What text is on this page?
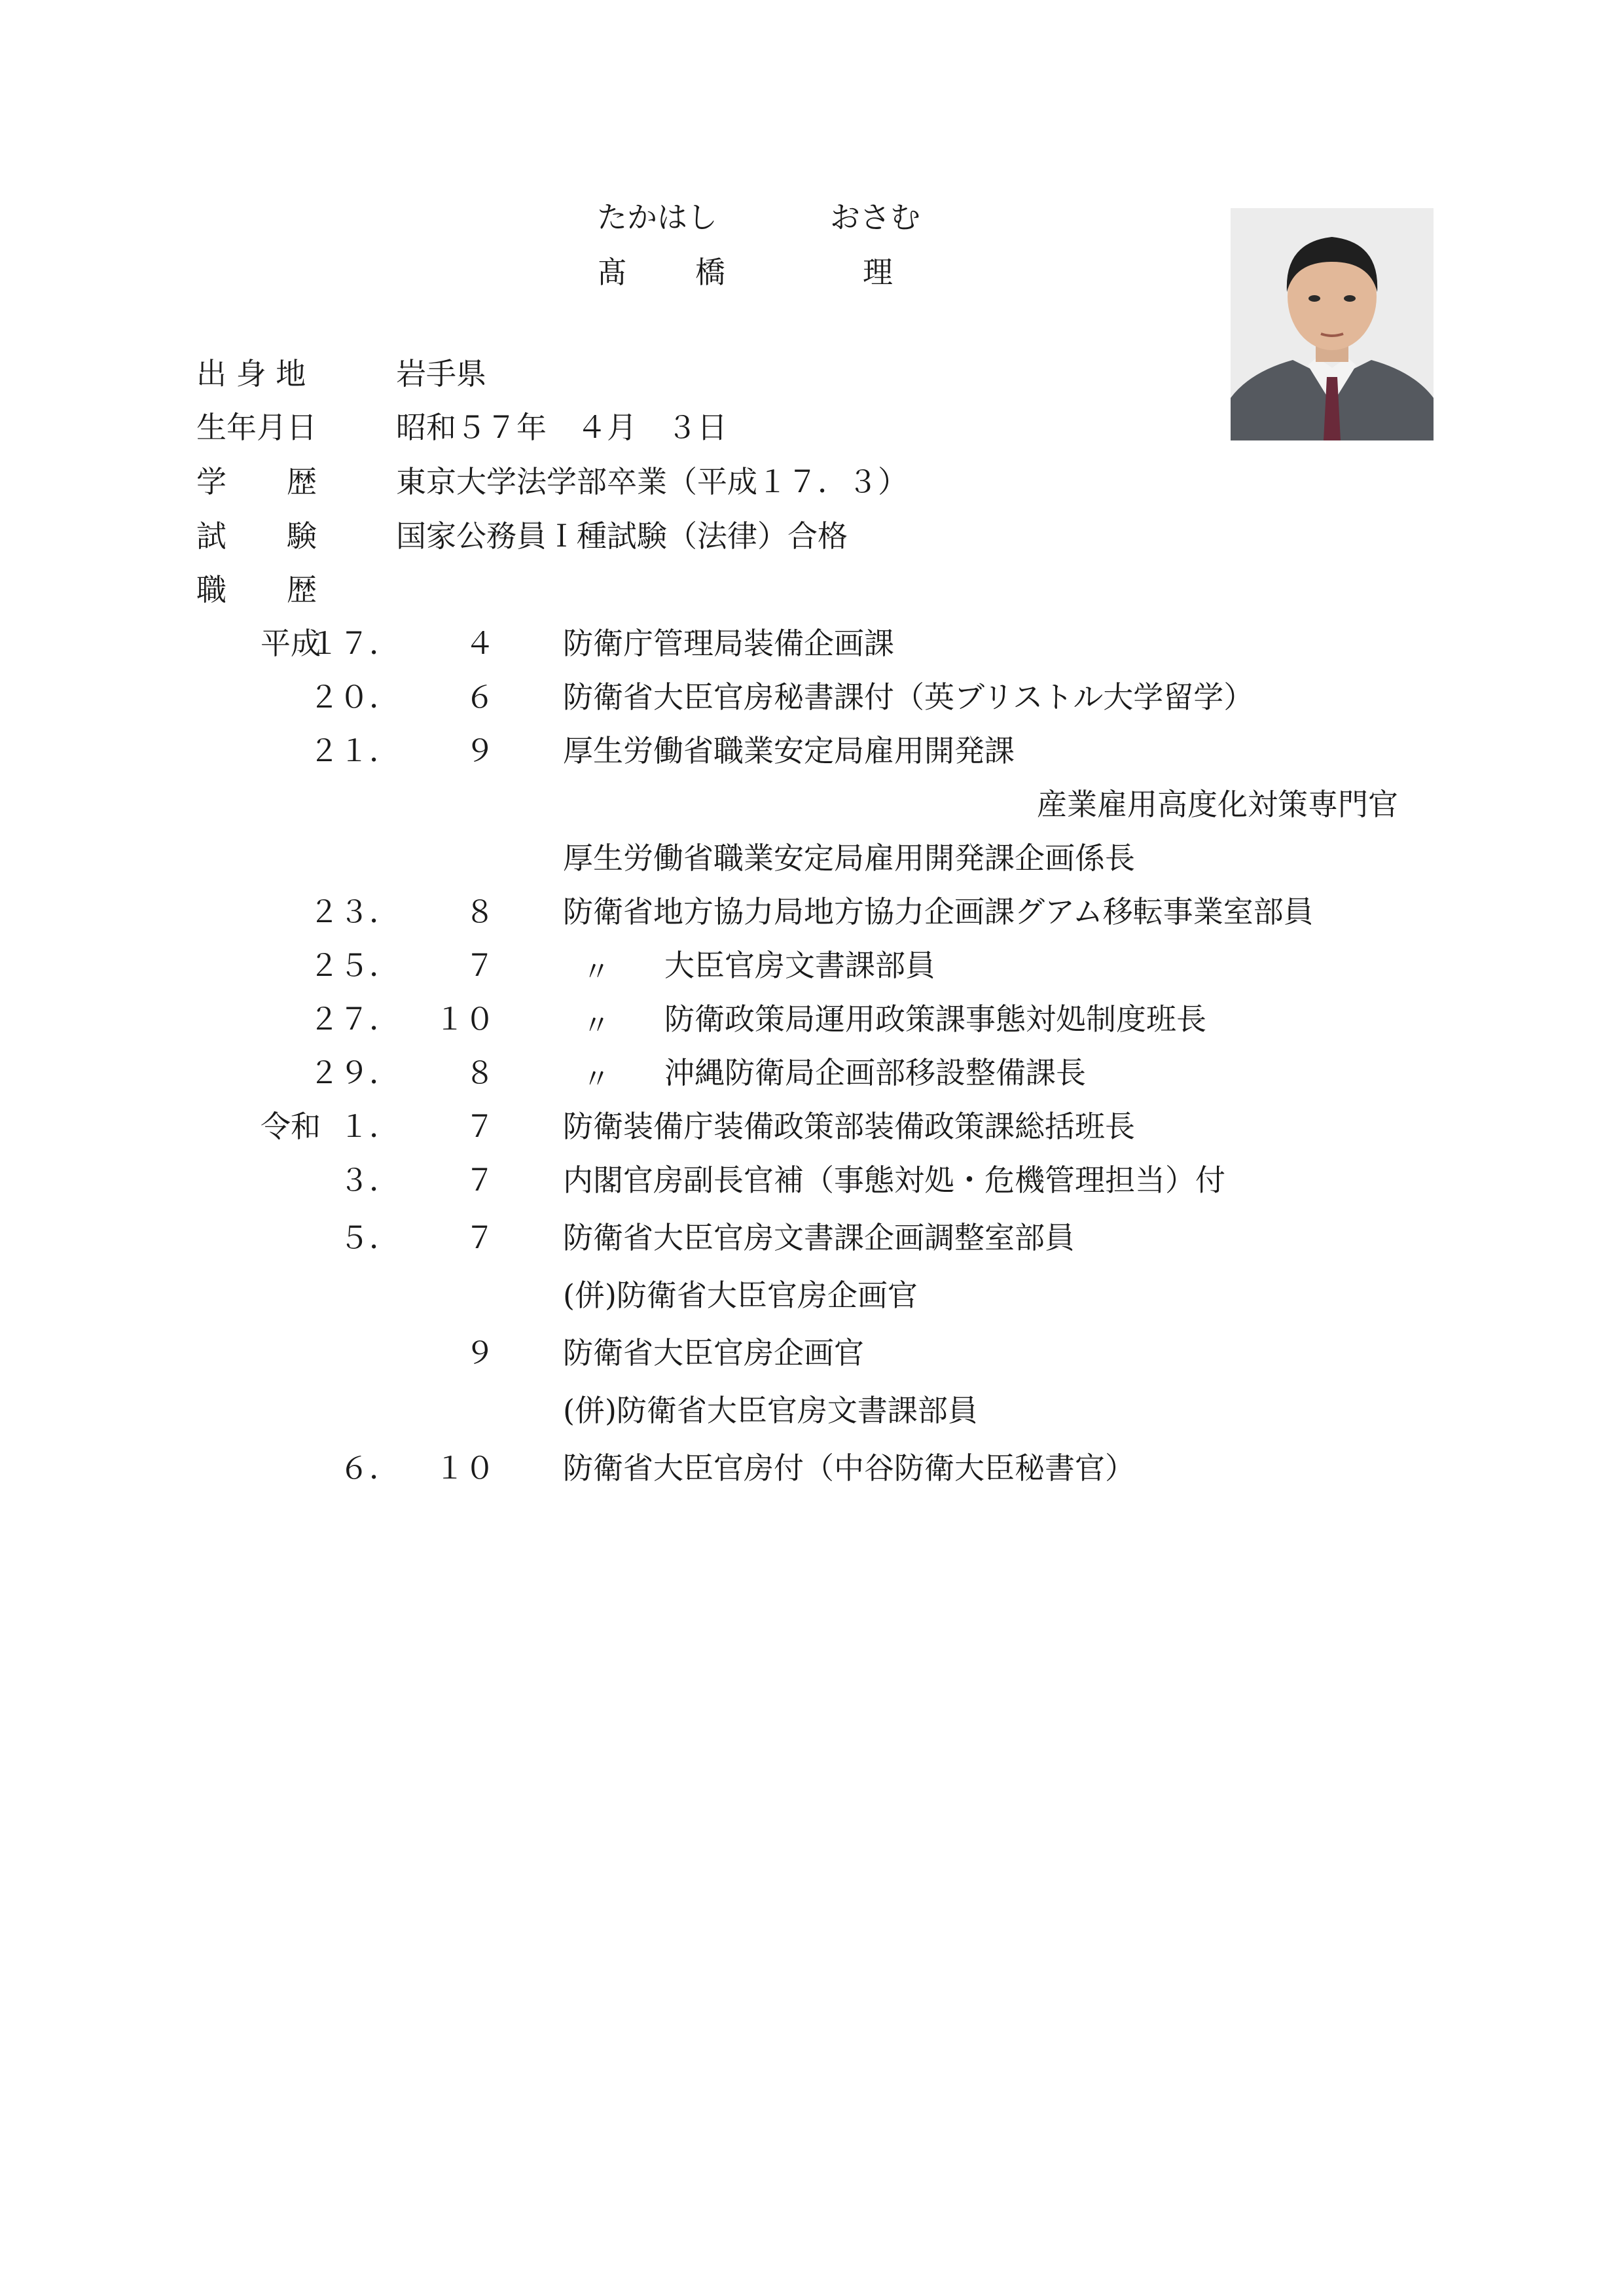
たかはし	おさむ
髙 橋	理
出 身 地	岩手県
生年月日	昭和５７年　４月　３日
学　　歴	東京大学法学部卒業（平成１７．３）
試　　験	国家公務員Ｉ種試験（法律）合格
職　　歴
平成
１７．	４ 防衛庁管理局装備企画課
２０．	６ 防衛省大臣官房秘書課付（英ブリストル大学留学）
２１．	９ 厚生労働省職業安定局雇用開発課
産業雇用高度化対策専門官
厚生労働省職業安定局雇用開発課企画係長
２３．	８ 防衛省地方協力局地方協力企画課グアム移転事業室部員
２５．	７	〃 大臣官房文書課部員
２７．	１０	〃 防衛政策局運用政策課事態対処制度班長
２９．	８	〃 沖縄防衛局企画部移設整備課長
令和 １．	７ 防衛装備庁装備政策部装備政策課総括班長
３．	７ 内閣官房副長官補（事態対処・危機管理担当）付
５．	７ 防衛省大臣官房文書課企画調整室部員
(併)防衛省大臣官房企画官
９ 防衛省大臣官房企画官
(併)防衛省大臣官房文書課部員
６．	１０ 防衛省大臣官房付（中谷防衛大臣秘書官）
